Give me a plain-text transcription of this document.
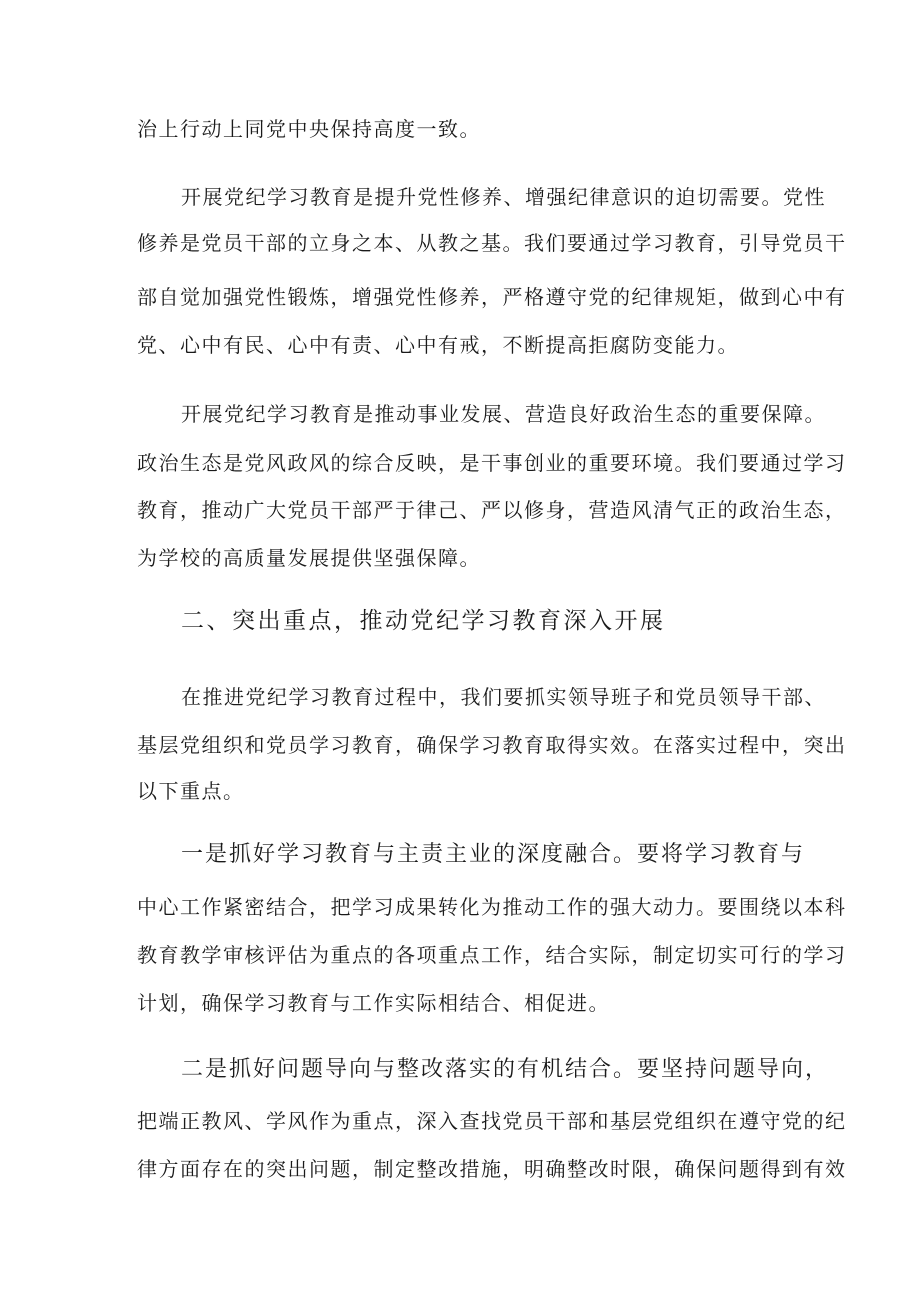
治上行动上同党中央保持高度一致。
开展党纪学习教育是提升党性修养、增强纪律意识的迫切需要。党性
修养是党员干部的立身之本、从教之基。我们要通过学习教育，引导党员干
部自觉加强党性锻炼，增强党性修养，严格遵守党的纪律规矩，做到心中有
党、心中有民、心中有责、心中有戒，不断提高拒腐防变能力。
开展党纪学习教育是推动事业发展、营造良好政治生态的重要保障。
政治生态是党风政风的综合反映，是干事创业的重要环境。我们要通过学习
教育，推动广大党员干部严于律己、严以修身，营造风清气正的政治生态，
为学校的高质量发展提供坚强保障。
二、突出重点，推动党纪学习教育深入开展
在推进党纪学习教育过程中，我们要抓实领导班子和党员领导干部、
基层党组织和党员学习教育，确保学习教育取得实效。在落实过程中，突出
以下重点。
一是抓好学习教育与主责主业的深度融合。要将学习教育与
中心工作紧密结合，把学习成果转化为推动工作的强大动力。要围绕以本科
教育教学审核评估为重点的各项重点工作，结合实际，制定切实可行的学习
计划，确保学习教育与工作实际相结合、相促进。
二是抓好问题导向与整改落实的有机结合。要坚持问题导向，
把端正教风、学风作为重点，深入查找党员干部和基层党组织在遵守党的纪
律方面存在的突出问题，制定整改措施，明确整改时限，确保问题得到有效
